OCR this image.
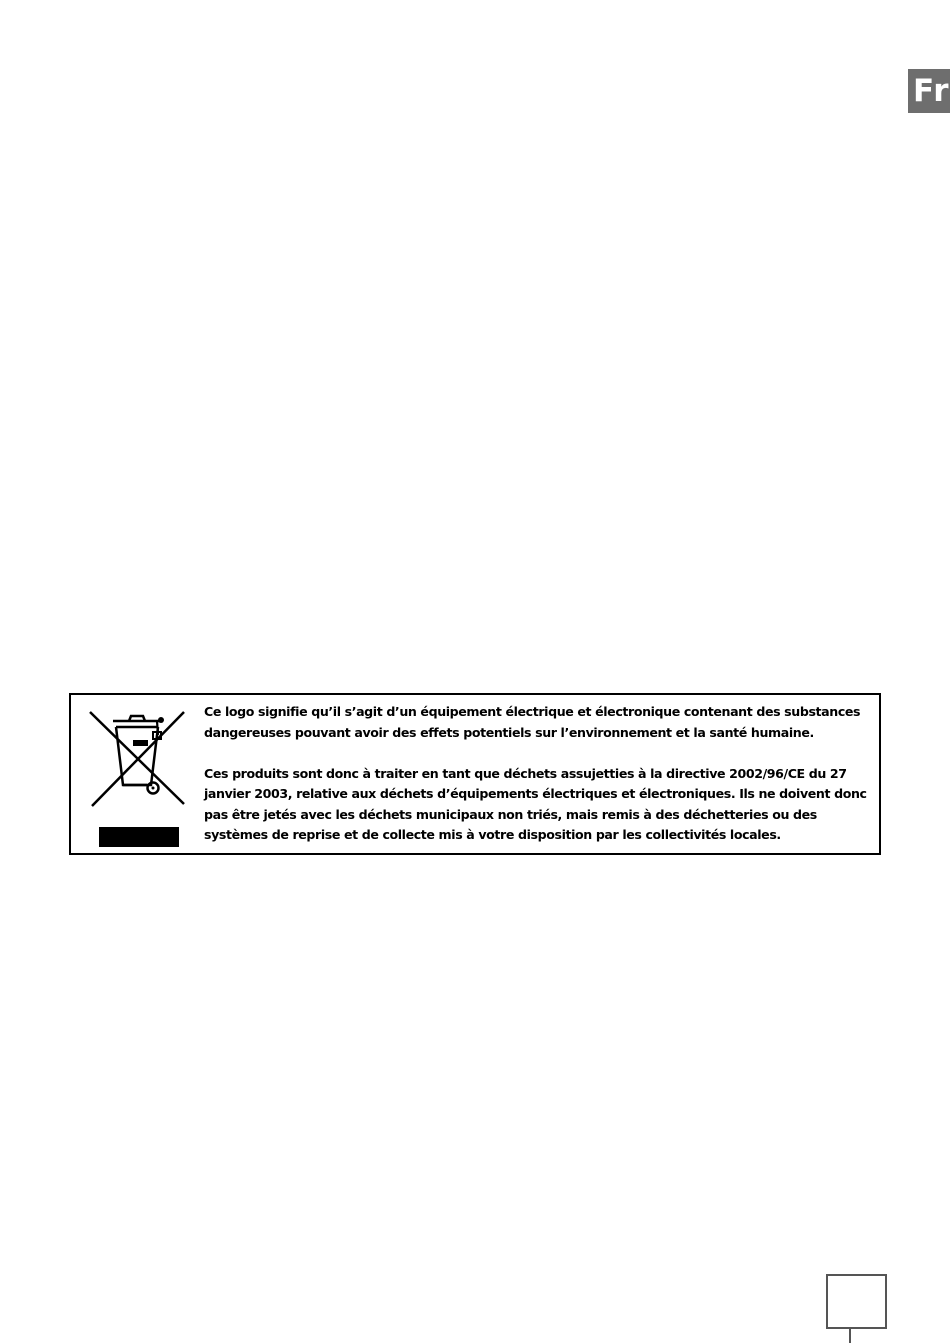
Fr

Ce logo signifie qu’il s’agit d’un équipement électrique et électronique contenant des substances dangereuses pouvant avoir des effets potentiels sur l’environnement et la santé humaine.

Ces produits sont donc à traiter en tant que déchets assujetties à la directive 2002/96/CE du 27 janvier 2003, relative aux déchets d’équipements électriques et électroniques. Ils ne doivent donc pas être jetés avec les déchets municipaux non triés, mais remis à des déchetteries ou des systèmes de reprise et de collecte mis à votre disposition par les collectivités locales.
